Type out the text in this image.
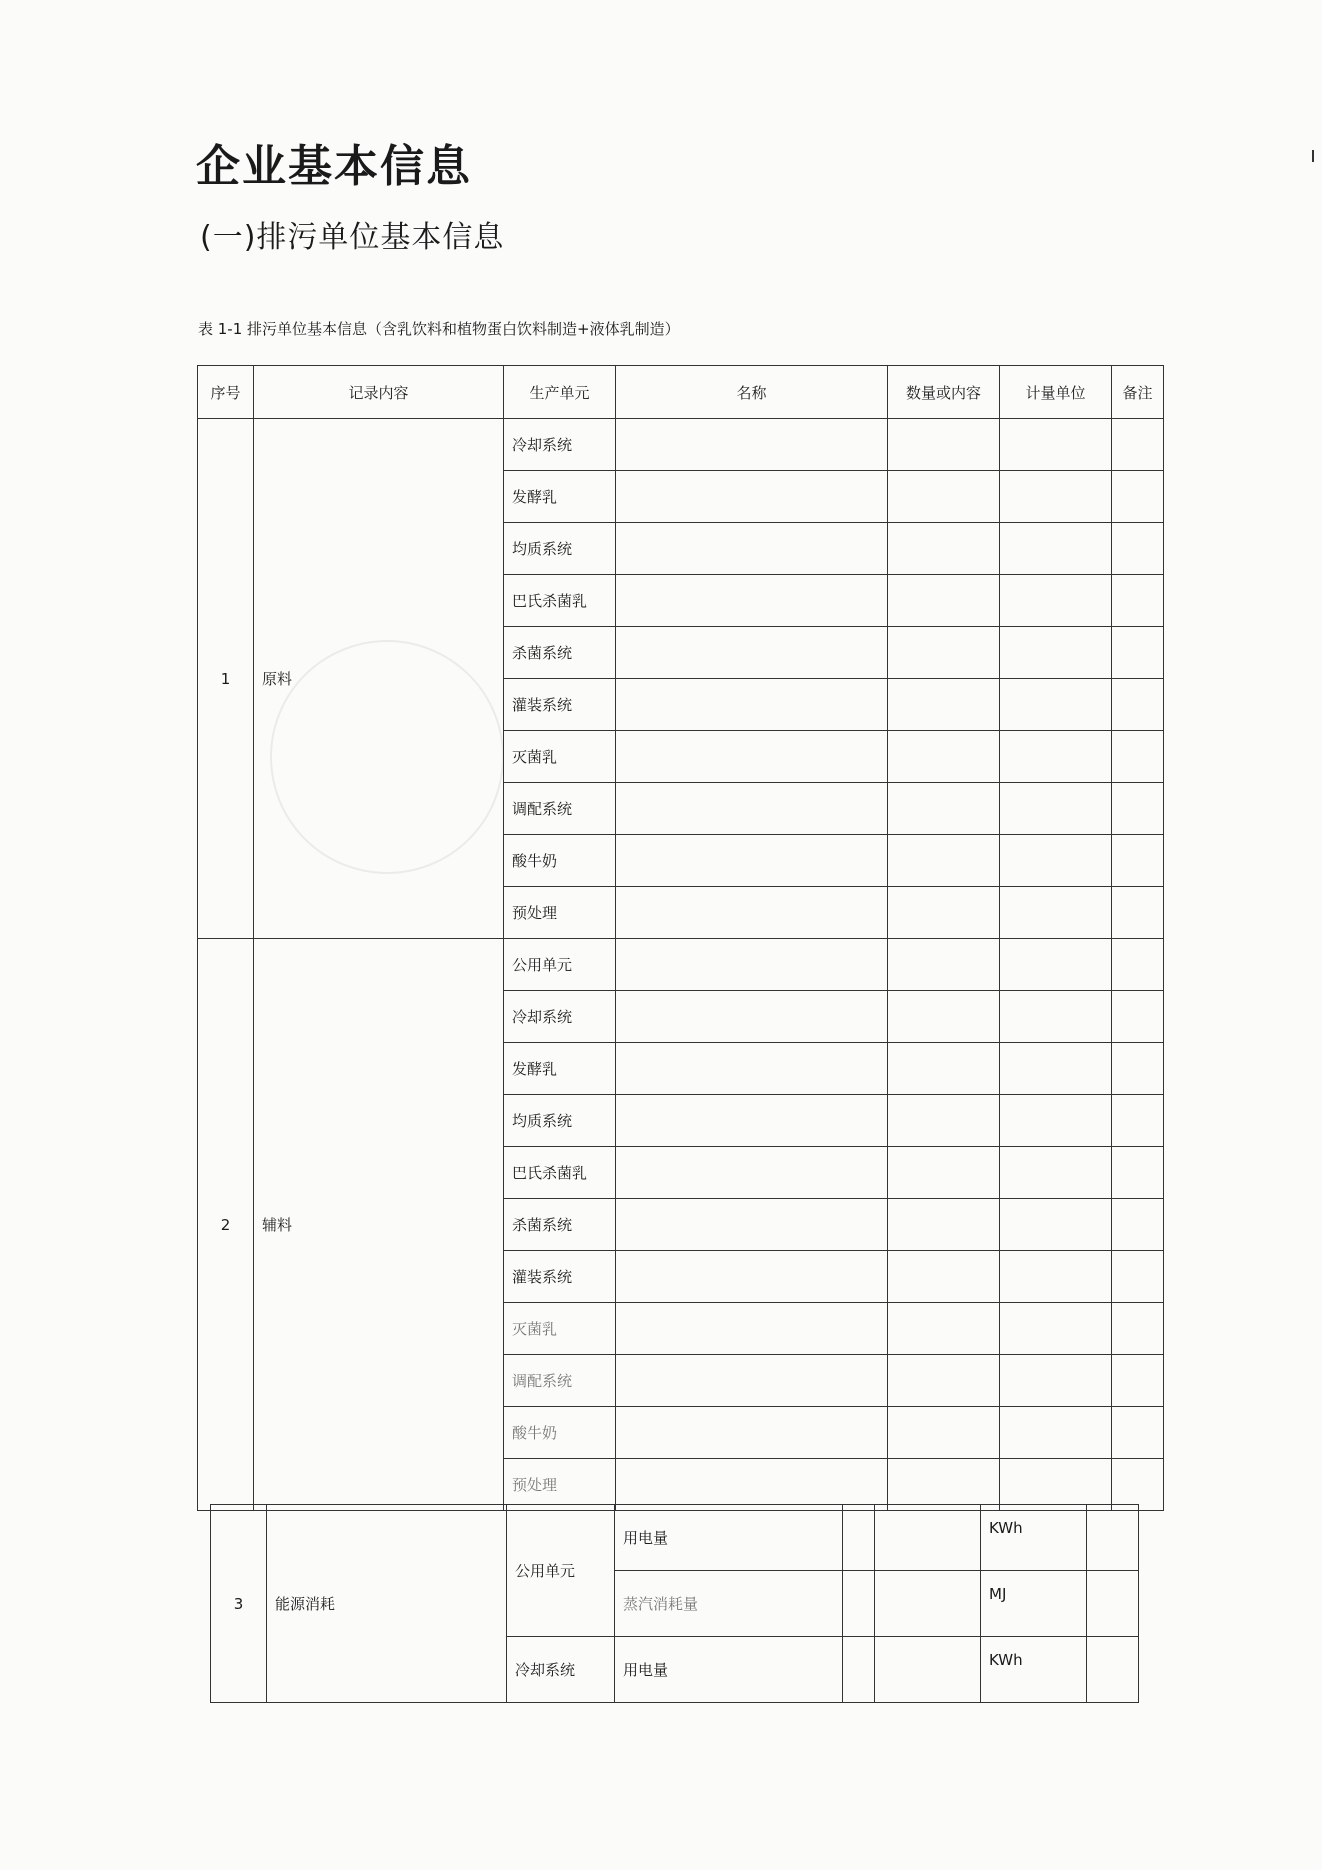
企业基本信息
(一)排污单位基本信息
表 1-1 排污单位基本信息（含乳饮料和植物蛋白饮料制造+液体乳制造）
序号	记录内容	生产单元	名称	数量或内容	计量单位	备注
1	原料	冷却系统				
		发酵乳				
		均质系统				
		巴氏杀菌乳				
		杀菌系统				
		灌装系统				
		灭菌乳				
		调配系统				
		酸牛奶				
		预处理				
2	辅料	公用单元				
		冷却系统				
		发酵乳				
		均质系统				
		巴氏杀菌乳				
		杀菌系统				
		灌装系统				
		灭菌乳				
		调配系统				
		酸牛奶				
		预处理				
3	能源消耗	公用单元	用电量			KWh	
			蒸汽消耗量			MJ	
		冷却系统	用电量			KWh	
